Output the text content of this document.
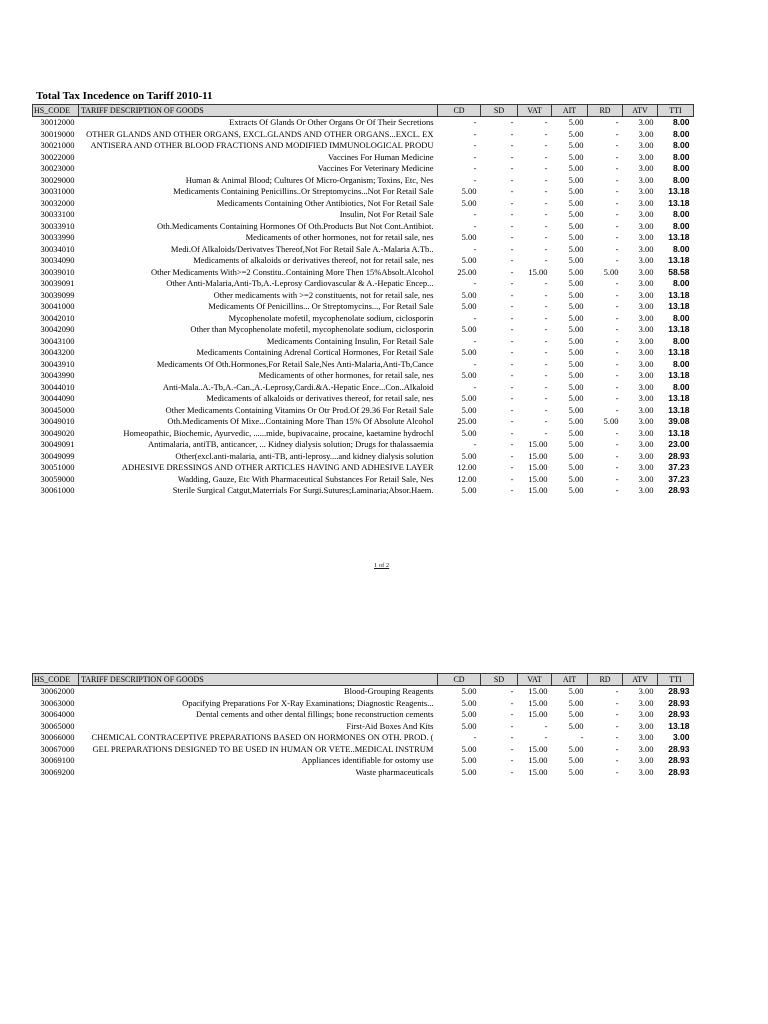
Total Tax Incedence on Tariff 2010-11
HS_CODE	TARIFF DESCRIPTION OF GOODS	CD	SD	VAT	AIT	RD	ATV	TTI
30012000	Extracts Of Glands Or Other Organs Or Of Their Secretions	-	-	-	5.00	-	3.00	8.00
30019000	OTHER GLANDS AND OTHER ORGANS, EXCL.GLANDS AND OTHER ORGANS...EXCL. EX	-	-	-	5.00	-	3.00	8.00
30021000	ANTISERA AND OTHER BLOOD FRACTIONS AND MODIFIED IMMUNOLOGICAL PRODU	-	-	-	5.00	-	3.00	8.00
30022000	Vaccines For Human Medicine	-	-	-	5.00	-	3.00	8.00
30023000	Vaccines For Veterinary Medicine	-	-	-	5.00	-	3.00	8.00
30029000	Human & Animal Blood; Cultures Of Micro-Organism; Toxins, Etc, Nes	-	-	-	5.00	-	3.00	8.00
30031000	Medicaments Containing Penicillins..Or Streptomycins...Not For Retail Sale	5.00	-	-	5.00	-	3.00	13.18
30032000	Medicaments Containing Other Antibiotics, Not For Retail Sale	5.00	-	-	5.00	-	3.00	13.18
30033100	Insulin, Not For Retail Sale	-	-	-	5.00	-	3.00	8.00
30033910	Oth.Medicaments Containing Hormones Of Oth.Products But Not Cont.Antibiot.	-	-	-	5.00	-	3.00	8.00
30033990	Medicaments of other hormones, not for retail sale, nes	5.00	-	-	5.00	-	3.00	13.18
30034010	Medi.Of Alkaloids/Derivatves Thereof,Not For Retail Sale A.-Malaria A.Tb..	-	-	-	5.00	-	3.00	8.00
30034090	Medicaments of alkaloids or derivatives thereof, not for retail sale, nes	5.00	-	-	5.00	-	3.00	13.18
30039010	Other Medicaments With>=2 Constitu..Containing More Then 15%Absolt.Alcohol	25.00	-	15.00	5.00	5.00	3.00	58.58
30039091	Other Anti-Malaria,Anti-Tb,A.-Leprosy Cardiovascular & A.-Hepatic Encep...	-	-	-	5.00	-	3.00	8.00
30039099	Other medicaments with >=2 constituents, not for retail sale, nes	5.00	-	-	5.00	-	3.00	13.18
30041000	Medicaments Of Penicillins... Or Streptomycins..., For Retail Sale	5.00	-	-	5.00	-	3.00	13.18
30042010	Mycophenolate mofetil, mycophenolate sodium, ciclosporin	-	-	-	5.00	-	3.00	8.00
30042090	Other than Mycophenolate mofetil, mycophenolate sodium, ciclosporin	5.00	-	-	5.00	-	3.00	13.18
30043100	Medicaments Containing Insulin, For Retail Sale	-	-	-	5.00	-	3.00	8.00
30043200	Medicaments Containing Adrenal Cortical Hormones, For Retail Sale	5.00	-	-	5.00	-	3.00	13.18
30043910	Medicaments Of Oth.Hormones,For Retail Sale,Nes Anti-Malaria,Anti-Tb,Cance	-	-	-	5.00	-	3.00	8.00
30043990	Medicaments of other hormones, for retail sale, nes	5.00	-	-	5.00	-	3.00	13.18
30044010	Anti-Mala..A.-Tb,A.-Can.,A.-Leprosy,Cardi.&A.-Hepatic Ence...Con..Alkaloid	-	-	-	5.00	-	3.00	8.00
30044090	Medicaments of alkaloids or derivatives thereof, for retail sale, nes	5.00	-	-	5.00	-	3.00	13.18
30045000	Other Medicaments Containing Vitamins Or Otr Prod.Of 29.36 For Retail Sale	5.00	-	-	5.00	-	3.00	13.18
30049010	Oth.Medicaments Of Mixe...Containing More Than 15% Of Absolute Alcohol	25.00	-	-	5.00	5.00	3.00	39.08
30049020	Homeopathic, Biochemic, Ayurvedic, ......mide, bupivacaine, procaine, kaetamine hydrochl	5.00	-	-	5.00	-	3.00	13.18
30049091	Antimalaria, antiTB, anticancer, ... Kidney dialysis solution; Drugs for thalassaemia	-	-	15.00	5.00	-	3.00	23.00
30049099	Other(excl.anti-malaria, anti-TB, anti-leprosy....and kidney dialysis solution	5.00	-	15.00	5.00	-	3.00	28.93
30051000	ADHESIVE DRESSINGS AND OTHER ARTICLES HAVING AND ADHESIVE LAYER	12.00	-	15.00	5.00	-	3.00	37.23
30059000	Wadding, Gauze, Etc With Pharmaceutical Substances For Retail Sale, Nes	12.00	-	15.00	5.00	-	3.00	37.23
30061000	Sterile Surgical Catgut,Materrials For Surgi.Sutures;Laminaria;Absor.Haem.	5.00	-	15.00	5.00	-	3.00	28.93
1 of 2
HS_CODE	TARIFF DESCRIPTION OF GOODS	CD	SD	VAT	AIT	RD	ATV	TTI
30062000	Blood-Grouping Reagents	5.00	-	15.00	5.00	-	3.00	28.93
30063000	Opacifying Preparations For X-Ray Examinations; Diagnostic Reagents...	5.00	-	15.00	5.00	-	3.00	28.93
30064000	Dental cements and other dental fillings; bone reconstruction cements	5.00	-	15.00	5.00	-	3.00	28.93
30065000	First-Aid Boxes And Kits	5.00	-	-	5.00	-	3.00	13.18
30066000	CHEMICAL CONTRACEPTIVE PREPARATIONS BASED ON HORMONES ON OTH. PROD. (	-	-	-	-	-	3.00	3.00
30067000	GEL PREPARATIONS DESIGNED TO BE USED IN HUMAN OR VETE..MEDICAL INSTRUM	5.00	-	15.00	5.00	-	3.00	28.93
30069100	Appliances identifiable for ostomy use	5.00	-	15.00	5.00	-	3.00	28.93
30069200	Waste pharmaceuticals	5.00	-	15.00	5.00	-	3.00	28.93
